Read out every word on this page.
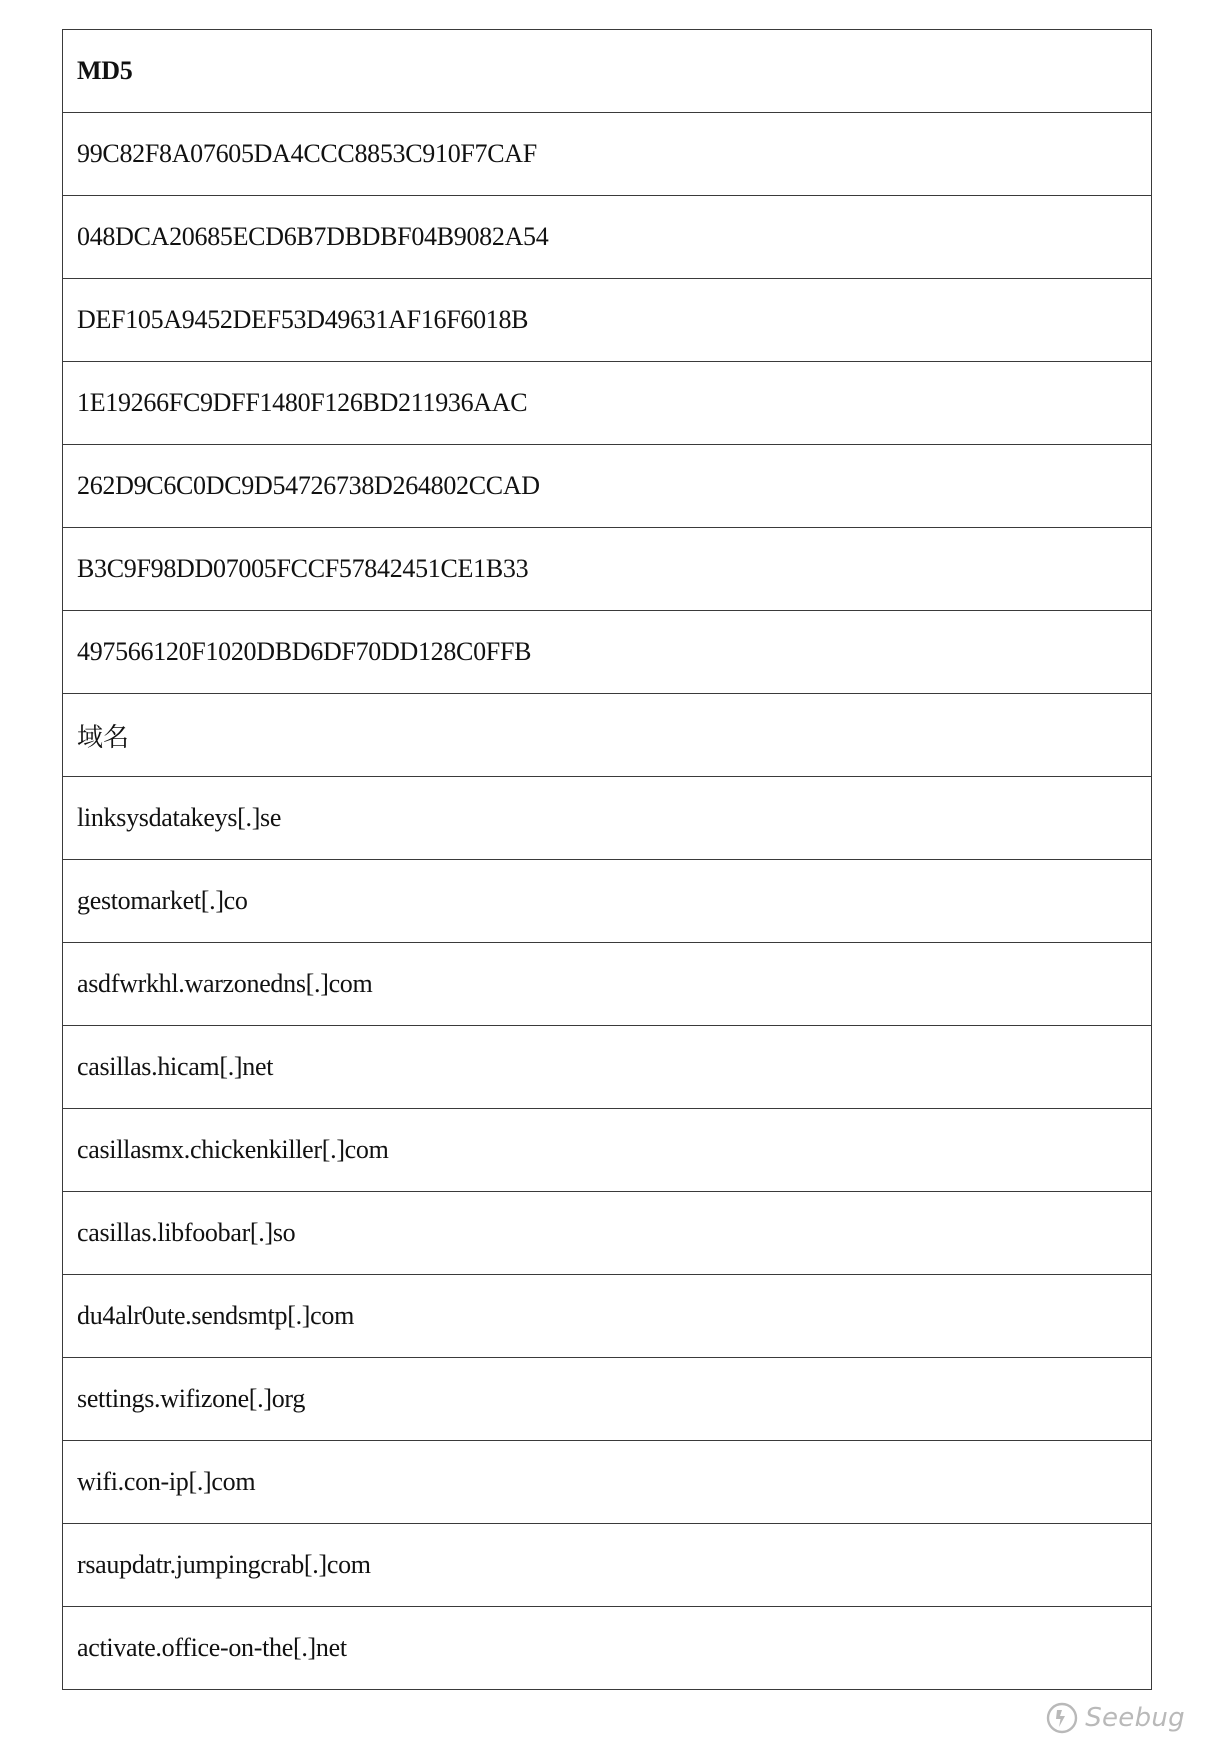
MD5
99C82F8A07605DA4CCC8853C910F7CAF
048DCA20685ECD6B7DBDBF04B9082A54
DEF105A9452DEF53D49631AF16F6018B
1E19266FC9DFF1480F126BD211936AAC
262D9C6C0DC9D54726738D264802CCAD
B3C9F98DD07005FCCF57842451CE1B33
497566120F1020DBD6DF70DD128C0FFB
域名
linksysdatakeys[.]se
gestomarket[.]co
asdfwrkhl.warzonedns[.]com
casillas.hicam[.]net
casillasmx.chickenkiller[.]com
casillas.libfoobar[.]so
du4alr0ute.sendsmtp[.]com
settings.wifizone[.]org
wifi.con-ip[.]com
rsaupdatr.jumpingcrab[.]com
activate.office-on-the[.]net
Seebug
